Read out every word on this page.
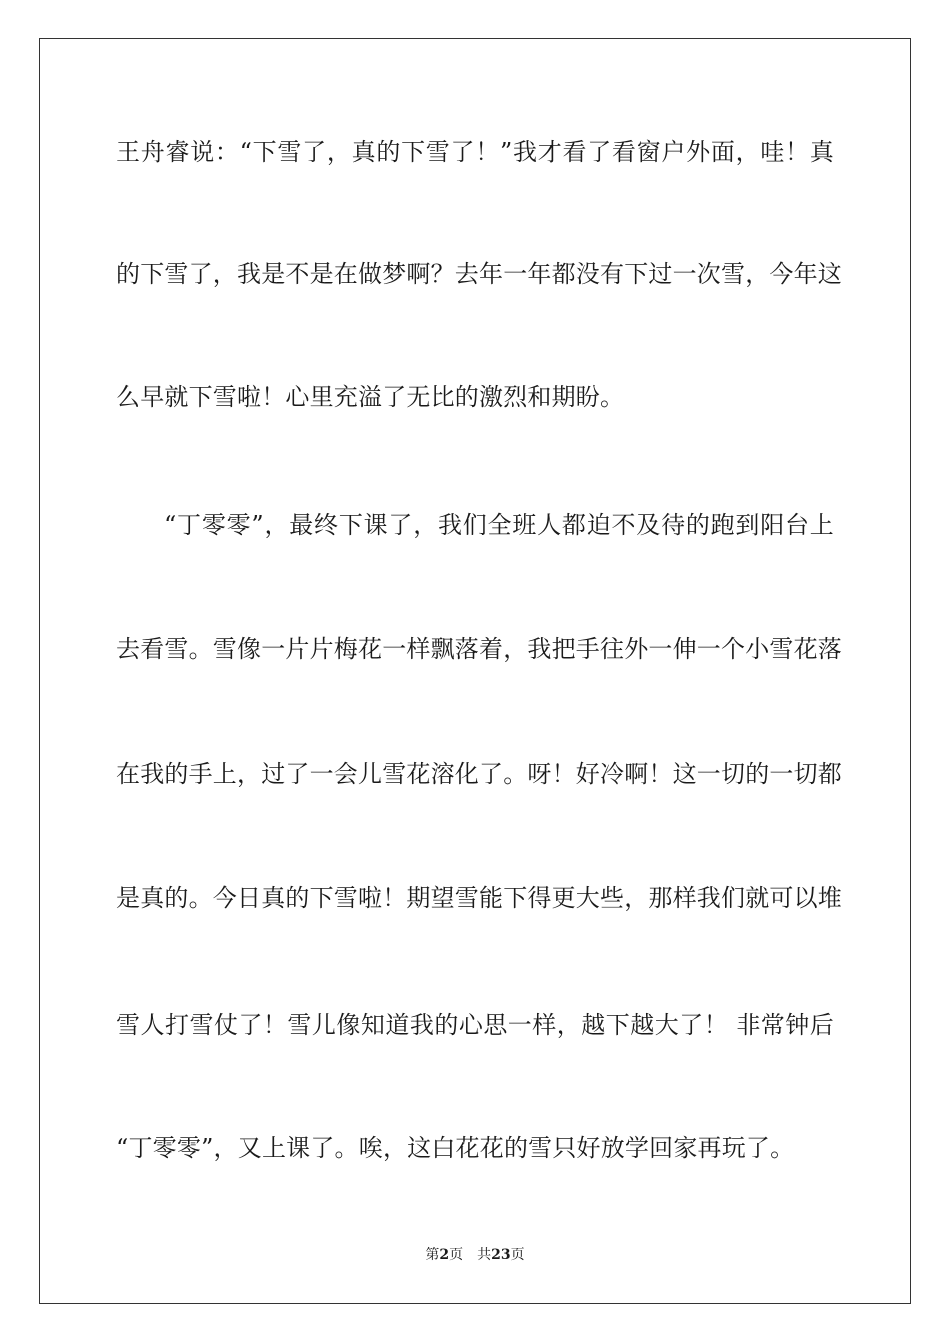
王舟睿说：“下雪了，真的下雪了！”我才看了看窗户外面，哇！真
的下雪了，我是不是在做梦啊？去年一年都没有下过一次雪，今年这
么早就下雪啦！心里充溢了无比的激烈和期盼。
“丁零零”，最终下课了，我们全班人都迫不及待的跑到阳台上
去看雪。雪像一片片梅花一样飘落着，我把手往外一伸一个小雪花落
在我的手上，过了一会儿雪花溶化了。呀！好冷啊！这一切的一切都
是真的。今日真的下雪啦！期望雪能下得更大些，那样我们就可以堆
雪人打雪仗了！雪儿像知道我的心思一样，越下越大了！ 非常钟后
“丁零零”，又上课了。唉，这白花花的雪只好放学回家再玩了。
第2页 共23页
